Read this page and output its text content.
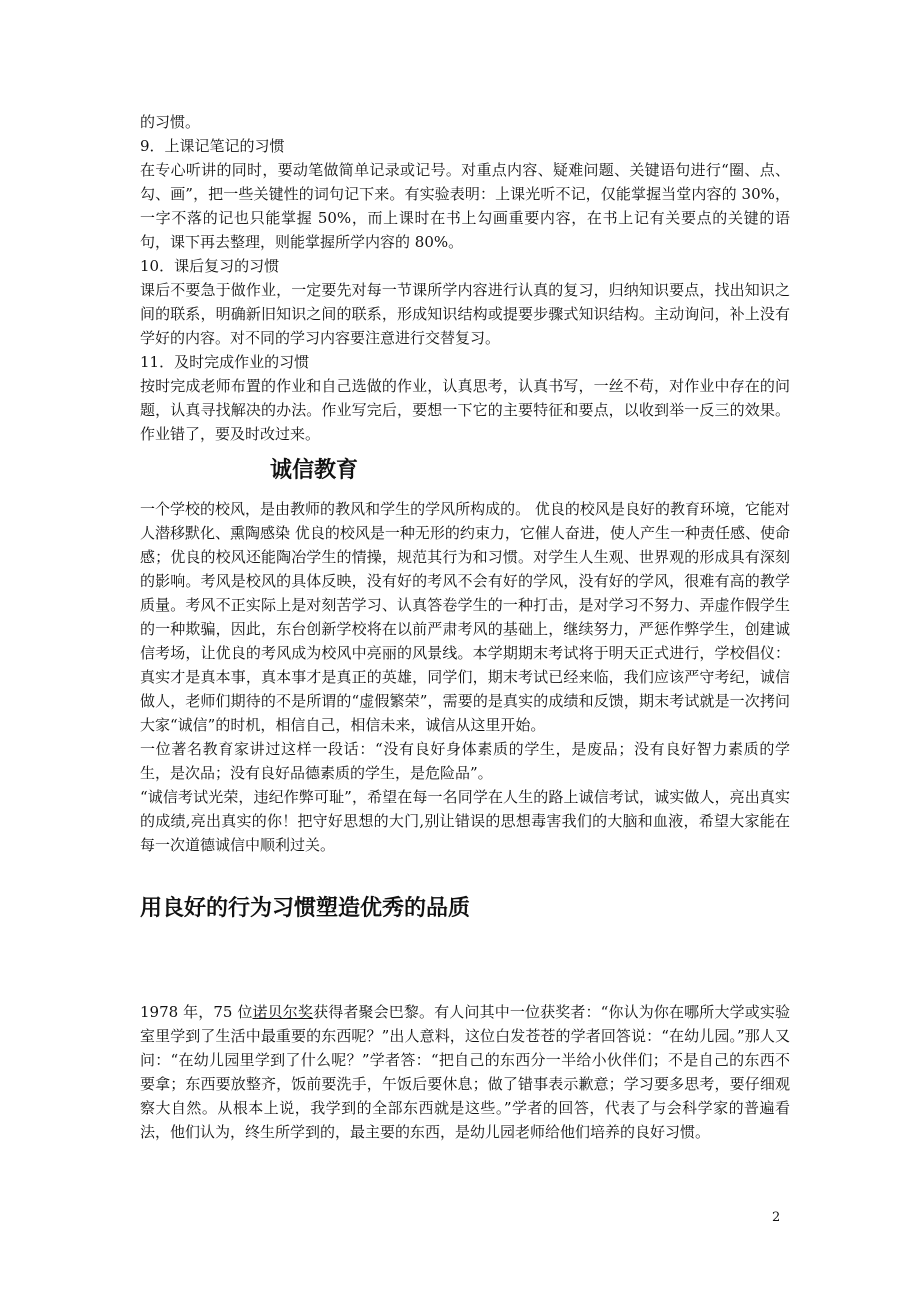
的习惯。

9．上课记笔记的习惯

在专心听讲的同时，要动笔做简单记录或记号。对重点内容、疑难问题、关键语句进行“圈、点、勾、画”，把一些关键性的词句记下来。有实验表明：上课光听不记，仅能掌握当堂内容的 30%，一字不落的记也只能掌握 50%，而上课时在书上勾画重要内容，在书上记有关要点的关键的语句，课下再去整理，则能掌握所学内容的 80%。

10．课后复习的习惯

课后不要急于做作业，一定要先对每一节课所学内容进行认真的复习，归纳知识要点，找出知识之间的联系，明确新旧知识之间的联系，形成知识结构或提要步骤式知识结构。主动询问，补上没有学好的内容。对不同的学习内容要注意进行交替复习。

11．及时完成作业的习惯

按时完成老师布置的作业和自己选做的作业，认真思考，认真书写，一丝不苟，对作业中存在的问题，认真寻找解决的办法。作业写完后，要想一下它的主要特征和要点，以收到举一反三的效果。作业错了，要及时改过来。

诚信教育

一个学校的校风，是由教师的教风和学生的学风所构成的。 优良的校风是良好的教育环境，它能对人潜移默化、熏陶感染 优良的校风是一种无形的约束力，它催人奋进，使人产生一种责任感、使命感；优良的校风还能陶冶学生的情操，规范其行为和习惯。对学生人生观、世界观的形成具有深刻的影响。考风是校风的具体反映，没有好的考风不会有好的学风，没有好的学风，很难有高的教学质量。考风不正实际上是对刻苦学习、认真答卷学生的一种打击，是对学习不努力、弄虚作假学生的一种欺骗，因此，东台创新学校将在以前严肃考风的基础上，继续努力，严惩作弊学生，创建诚信考场，让优良的考风成为校风中亮丽的风景线。本学期期末考试将于明天正式进行，学校倡仪：真实才是真本事，真本事才是真正的英雄，同学们，期末考试已经来临，我们应该严守考纪，诚信做人，老师们期待的不是所谓的“虚假繁荣”，需要的是真实的成绩和反馈，期末考试就是一次拷问大家“诚信”的时机，相信自己，相信未来，诚信从这里开始。

一位著名教育家讲过这样一段话：“没有良好身体素质的学生，是废品；没有良好智力素质的学生，是次品；没有良好品德素质的学生，是危险品”。

“诚信考试光荣，违纪作弊可耻”，希望在每一名同学在人生的路上诚信考试，诚实做人，亮出真实的成绩,亮出真实的你！把守好思想的大门,别让错误的思想毒害我们的大脑和血液，希望大家能在每一次道德诚信中顺利过关。

用良好的行为习惯塑造优秀的品质

1978 年，75 位诺贝尔奖获得者聚会巴黎。有人问其中一位获奖者：“你认为你在哪所大学或实验室里学到了生活中最重要的东西呢？”出人意料，这位白发苍苍的学者回答说：“在幼儿园。”那人又问：“在幼儿园里学到了什么呢？”学者答：“把自己的东西分一半给小伙伴们；不是自己的东西不要拿；东西要放整齐，饭前要洗手，午饭后要休息；做了错事表示歉意；学习要多思考，要仔细观察大自然。从根本上说，我学到的全部东西就是这些。”学者的回答，代表了与会科学家的普遍看法，他们认为，终生所学到的，最主要的东西，是幼儿园老师给他们培养的良好习惯。

2
